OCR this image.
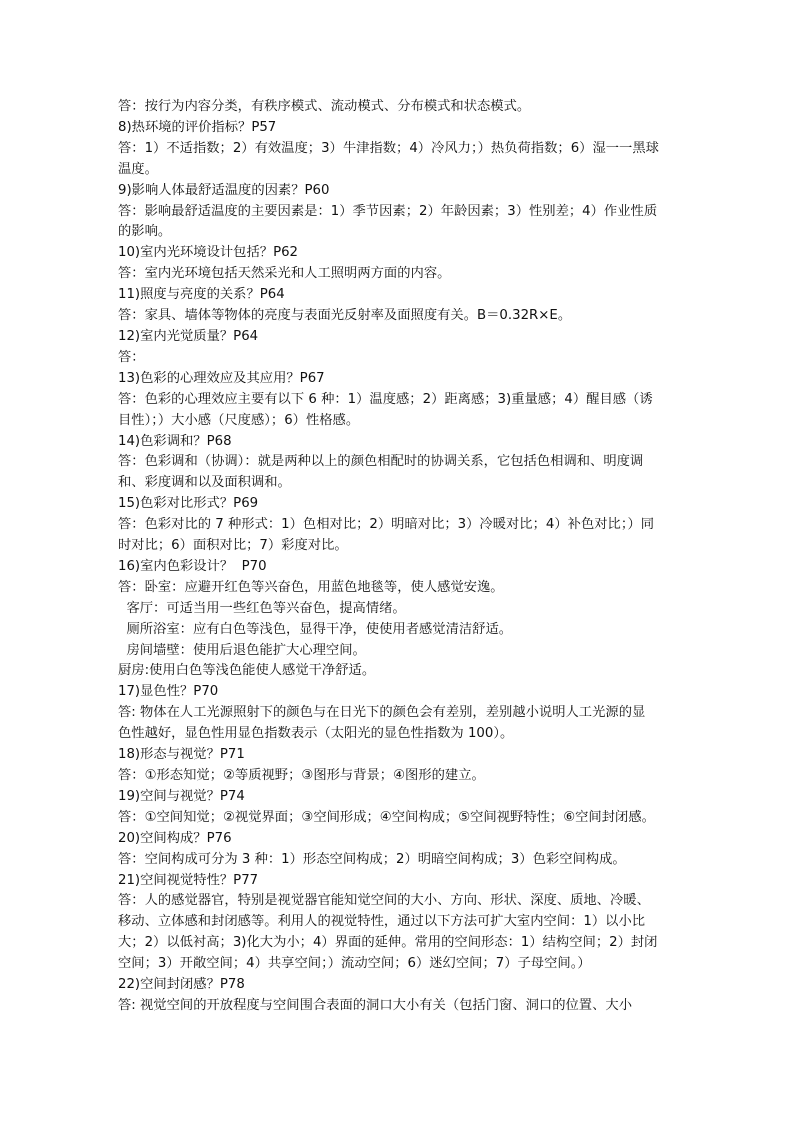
答：按行为内容分类，有秩序模式、流动模式、分布模式和状态模式。

8)热环境的评价指标？P57

答：1）不适指数；2）有效温度；3）牛津指数；4）冷风力；）热负荷指数；6）湿一一黑球

温度。

9)影响人体最舒适温度的因素？P60

答：影响最舒适温度的主要因素是：1）季节因素；2）年龄因素；3）性别差；4）作业性质

的影响。

10)室内光环境设计包括？P62

答：室内光环境包括天然采光和人工照明两方面的内容。

11)照度与亮度的关系？P64

答：家具、墙体等物体的亮度与表面光反射率及面照度有关。B＝0.32R×E。

12)室内光觉质量？P64

答：

13)色彩的心理效应及其应用？P67

答：色彩的心理效应主要有以下 6 种：1）温度感；2）距离感；3)重量感；4）醒目感（诱

目性）；）大小感（尺度感）；6）性格感。

14)色彩调和？P68

答：色彩调和（协调）：就是两种以上的颜色相配时的协调关系，它包括色相调和、明度调

和、彩度调和以及面积调和。

15)色彩对比形式？P69

答：色彩对比的 7 种形式：1）色相对比；2）明暗对比；3）冷暖对比；4）补色对比；）同

时对比；6）面积对比；7）彩度对比。

16)室内色彩设计？  P70

答：卧室：应避开红色等兴奋色，用蓝色地毯等，使人感觉安逸。

客厅：可适当用一些红色等兴奋色，提高情绪。

厕所浴室：应有白色等浅色，显得干净，使使用者感觉清洁舒适。

房间墙壁：使用后退色能扩大心理空间。

厨房:使用白色等浅色能使人感觉干净舒适。

17)显色性？P70

答: 物体在人工光源照射下的颜色与在日光下的颜色会有差别，差别越小说明人工光源的显

色性越好，显色性用显色指数表示（太阳光的显色性指数为 100）。

18)形态与视觉？P71

答：①形态知觉；②等质视野；③图形与背景；④图形的建立。

19)空间与视觉？P74

答：①空间知觉；②视觉界面；③空间形成；④空间构成；⑤空间视野特性；⑥空间封闭感。

20)空间构成？P76

答：空间构成可分为 3 种：1）形态空间构成；2）明暗空间构成；3）色彩空间构成。

21)空间视觉特性？P77

答：人的感觉器官，特别是视觉器官能知觉空间的大小、方向、形状、深度、质地、冷暖、

移动、立体感和封闭感等。利用人的视觉特性，通过以下方法可扩大室内空间：1）以小比

大；2）以低衬高；3)化大为小；4）界面的延伸。常用的空间形态：1）结构空间；2）封闭

空间；3）开敞空间；4）共享空间；）流动空间；6）迷幻空间；7）子母空间。）

22)空间封闭感？P78

答: 视觉空间的开放程度与空间围合表面的洞口大小有关（包括门窗、洞口的位置、大小
